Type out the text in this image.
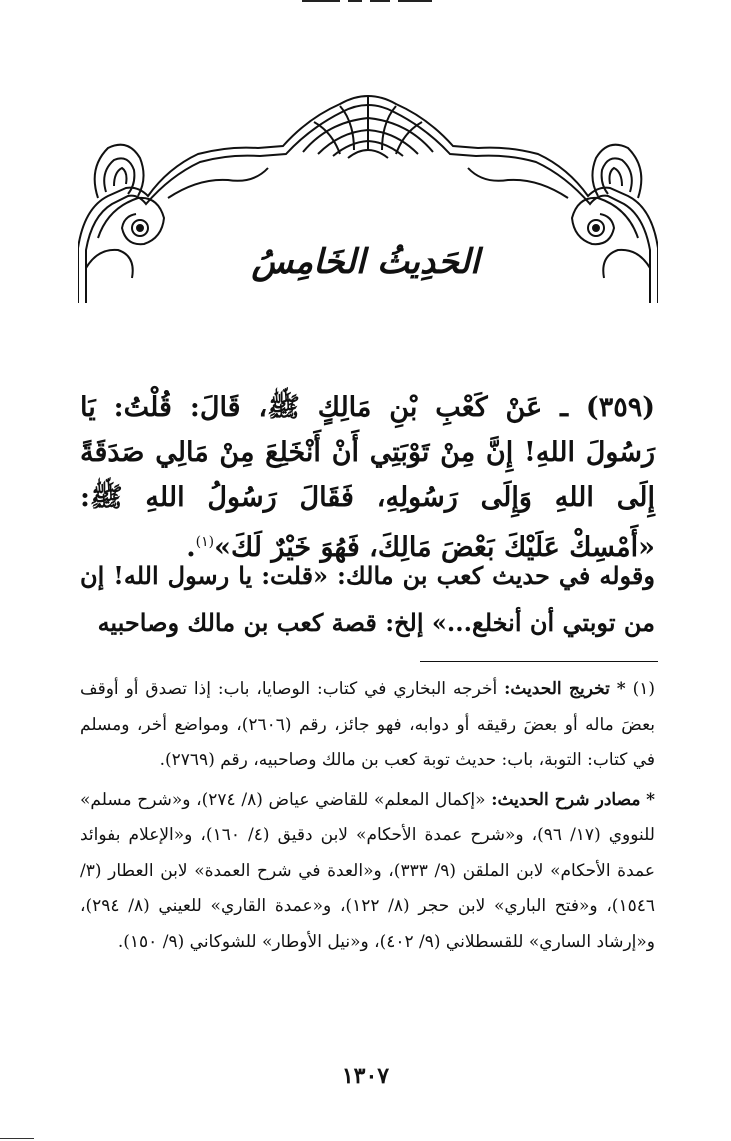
الحَدِيثُ الخَامِسُ
(٣٥٩) ـ عَنْ كَعْبِ بْنِ مَالِكٍ ﷺ، قَالَ: قُلْتُ: يَا رَسُولَ اللهِ! إِنَّ مِنْ تَوْبَتِي أَنْ أَنْخَلِعَ مِنْ مَالِي صَدَقَةً إِلَى اللهِ وَإِلَى رَسُولِهِ، فَقَالَ رَسُولُ اللهِ ﷺ: «أَمْسِكْ عَلَيْكَ بَعْضَ مَالِكَ، فَهُوَ خَيْرٌ لَكَ»$^{(١)}$.
وقوله في حديث كعب بن مالك: «قلت: يا رسول الله! إن من توبتي أن أنخلع...» إلخ: قصة كعب بن مالك وصاحبيه

(١) * تخريج الحديث: أخرجه البخاري في كتاب: الوصايا، باب: إذا تصدق أو أوقف بعضَ ماله أو بعضَ رقيقه أو دوابه، فهو جائز، رقم (٢٦٠٦)، ومواضع أخر، ومسلم في كتاب: التوبة، باب: حديث توبة كعب بن مالك وصاحبيه، رقم (٢٧٦٩).

* مصادر شرح الحديث: «إكمال المعلم» للقاضي عياض (٨/ ٢٧٤)، و«شرح مسلم» للنووي (١٧/ ٩٦)، و«شرح عمدة الأحكام» لابن دقيق (٤/ ١٦٠)، و«الإعلام بفوائد عمدة الأحكام» لابن الملقن (٩/ ٣٣٣)، و«العدة في شرح العمدة» لابن العطار (٣/ ١٥٤٦)، و«فتح الباري» لابن حجر (٨/ ١٢٢)، و«عمدة القاري» للعيني (٨/ ٢٩٤)، و«إرشاد الساري» للقسطلاني (٩/ ٤٠٢)، و«نيل الأوطار» للشوكاني (٩/ ١٥٠).

١٣٠٧
